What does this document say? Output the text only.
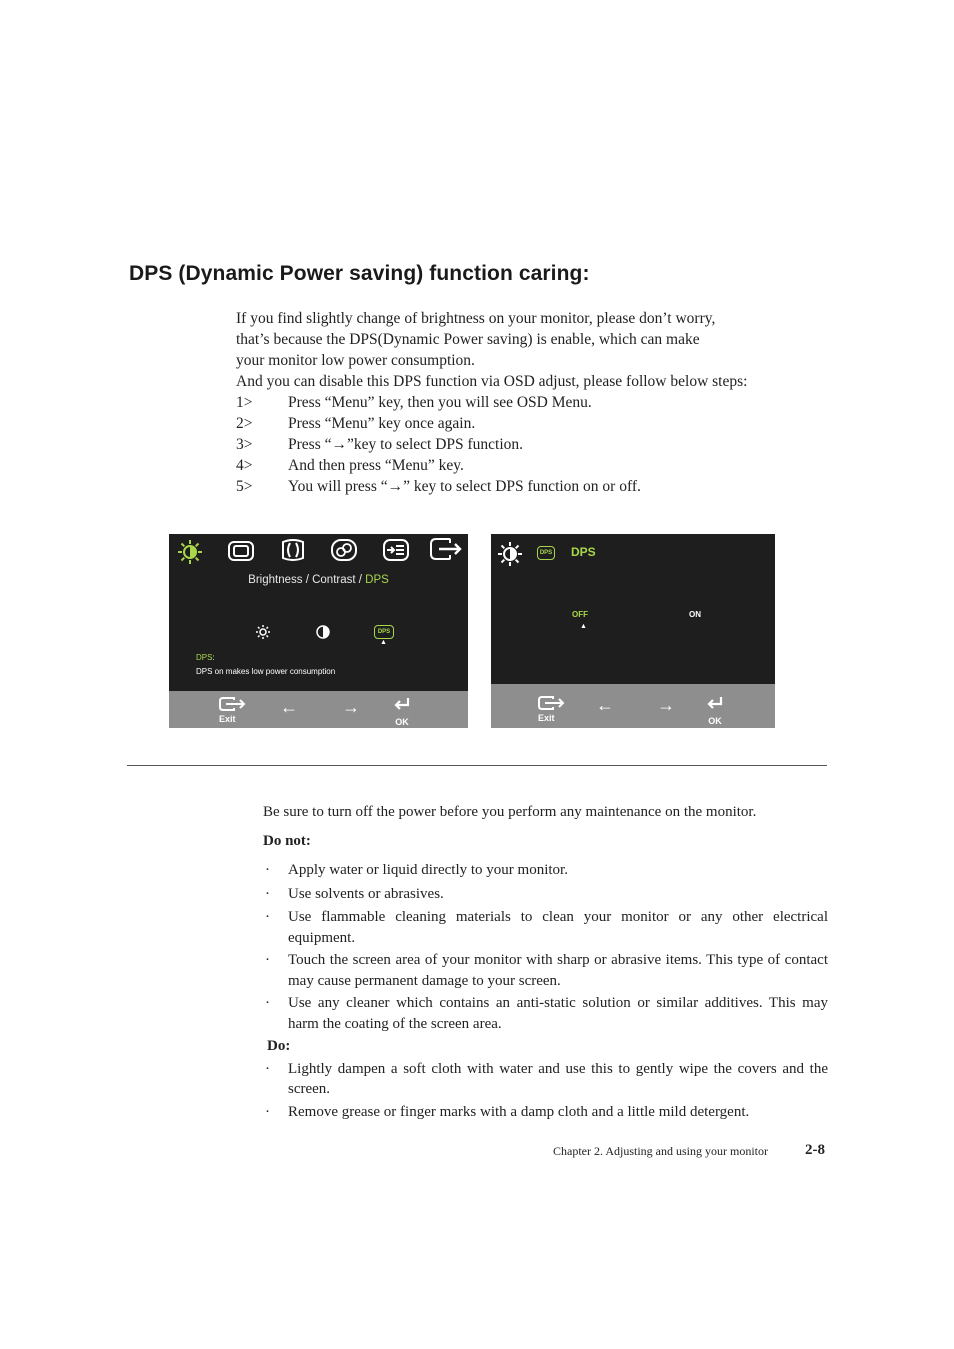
DPS (Dynamic Power saving) function caring:

If you find slightly change of brightness on your monitor, please don’t worry,

that’s because the DPS(Dynamic Power saving) is enable, which can make

your monitor low power consumption.

And you can disable this DPS function via OSD adjust, please follow below steps:

1>	Press “Menu” key, then you will see OSD Menu.
2>	Press “Menu” key once again.
3>	Press “→”key to select DPS function.
4>	And then press “Menu” key.
5>	You will press “→” key to select DPS function on or off.
Brightness / Contrast / DPS
DPS
▲
DPS:
DPS on makes low power consumption
Exit
← →
OK
DPS DPS
OFF
▲
ON
Exit
← →
OK

Be sure to turn off the power before you perform any maintenance on the monitor.

Do not:

·	Apply water or liquid directly to your monitor.
·	Use solvents or abrasives.
·	Use flammable cleaning materials to clean your monitor or any other electrical equipment.
·	Touch the screen area of your monitor with sharp or abrasive items. This type of contact may cause permanent damage to your screen.
·	Use any cleaner which contains an anti-static solution or similar additives. This may harm the coating of the screen area.

Do:

·	Lightly dampen a soft cloth with water and use this to gently wipe the covers and the screen.
·	Remove grease or finger marks with a damp cloth and a little mild detergent.
Chapter 2. Adjusting and using your monitor 2-8
